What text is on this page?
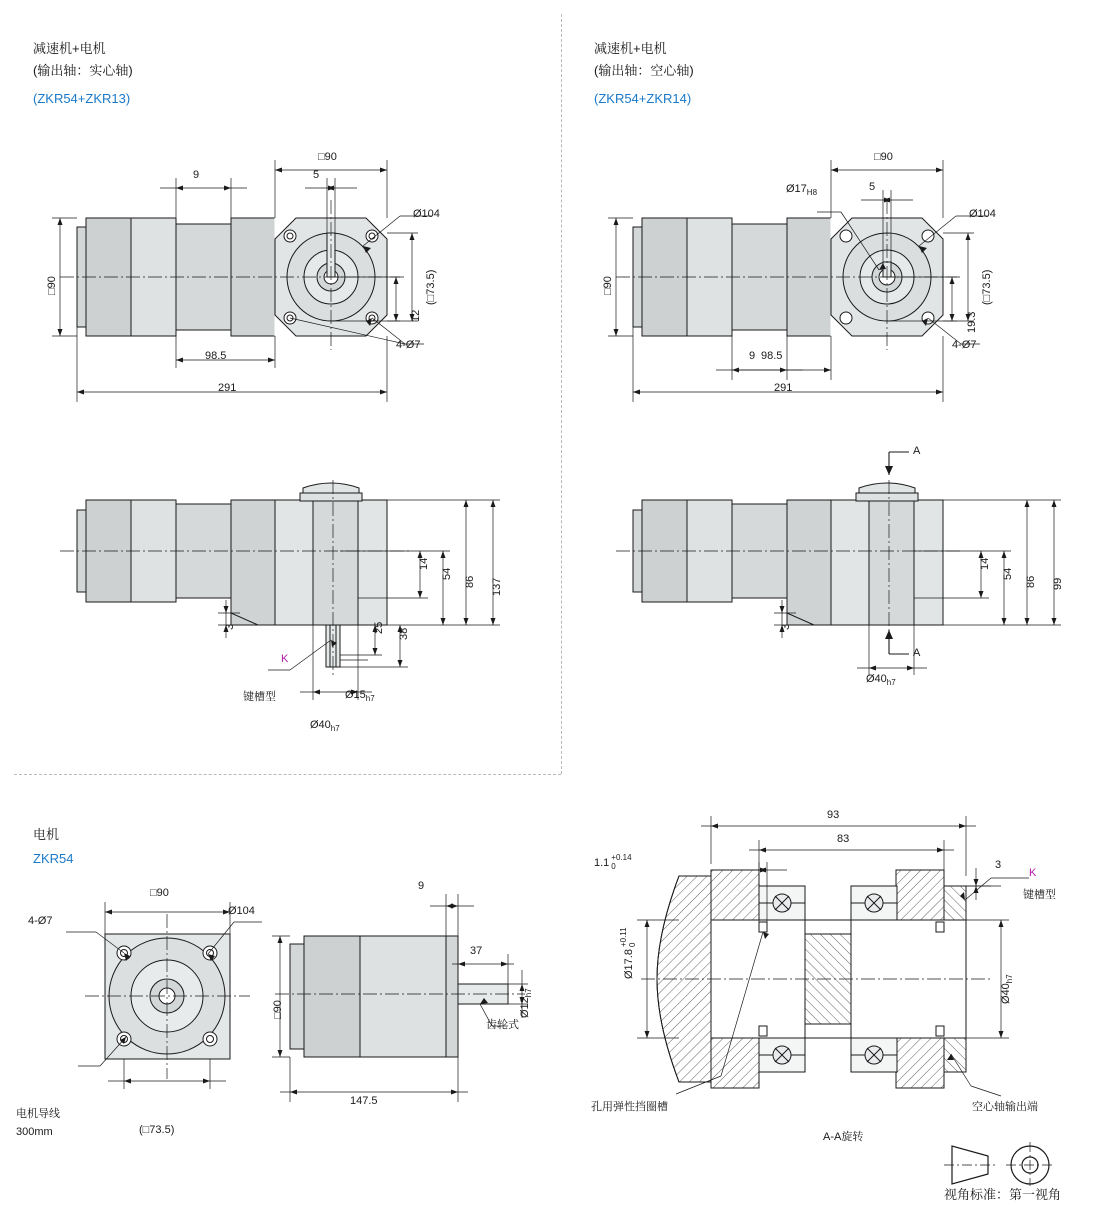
减速机+电机
(输出轴：实心轴)
(ZKR54+ZKR13)
□90
9	5
Ø104
□90	(□73.5)
12
4-Ø7
98.5
291
137
86
54
14
38
25
3
K
键槽型	$Ø15_{h7}$
$Ø40_{h7}$
减速机+电机
(输出轴：空心轴)
(ZKR54+ZKR14)
□90
$Ø17_{H8}$	5
Ø104
□90	(□73.5)
19.3
4-Ø7
9 98.5
291
A
A
99
86
54
14
3
$Ø40_{h7}$
电机
ZKR54
□90
Ø104
4-Ø7
电机导线
300mm	(□73.5)
9
□90
37
$Ø12_{h7}$
齿轮式
147.5
93
83
3
1.1 +0.14
0
Ø17.8+0.11
0
K
键槽型
$Ø40_{h7}$
孔用弹性挡圈槽	空心轴输出端
A-A旋转
视角标准：第一视角
